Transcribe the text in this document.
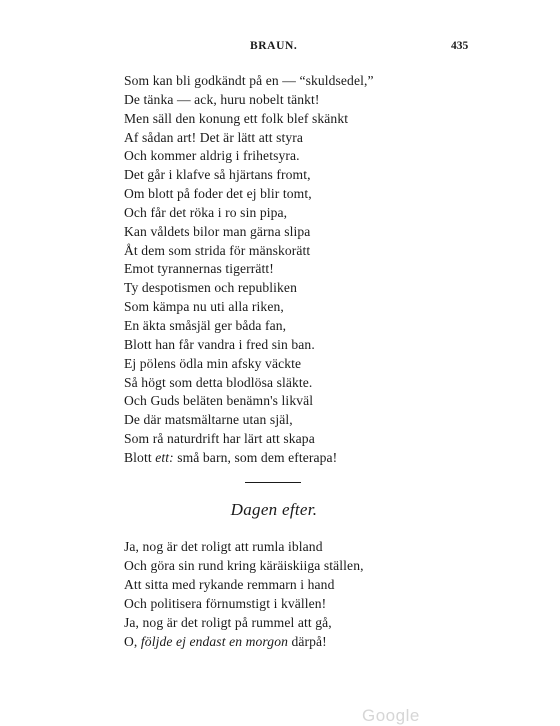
BRAUN.	435
Som kan bli godkändt på en — “skuldsedel,”
De tänka — ack, huru nobelt tänkt!
Men säll den konung ett folk blef skänkt
Af sådan art! Det är lätt att styra
Och kommer aldrig i frihetsyra.
Det går i klafve så hjärtans fromt,
Om blott på foder det ej blir tomt,
Och får det röka i ro sin pipa,
Kan våldets bilor man gärna slipa
Åt dem som strida för mänskorätt
Emot tyrannernas tigerrätt!
Ty despotismen och republiken
Som kämpa nu uti alla riken,
En äkta småsjäl ger båda fan,
Blott han får vandra i fred sin ban.
Ej pölens ödla min afsky väckte
Så högt som detta blodlösa släkte.
Och Guds beläten benämn's likväl
De där matsmältarne utan själ,
Som rå naturdrift har lärt att skapa
Blott ett: små barn, som dem efterapa!
Dagen efter.
Ja, nog är det roligt att rumla ibland
Och göra sin rund kring käräiskiiga ställen,
Att sitta med rykande remmarn i hand
Och politisera förnumstigt i kvällen!
Ja, nog är det roligt på rummel att gå,
O, följde ej endast en morgon därpå!
Google
